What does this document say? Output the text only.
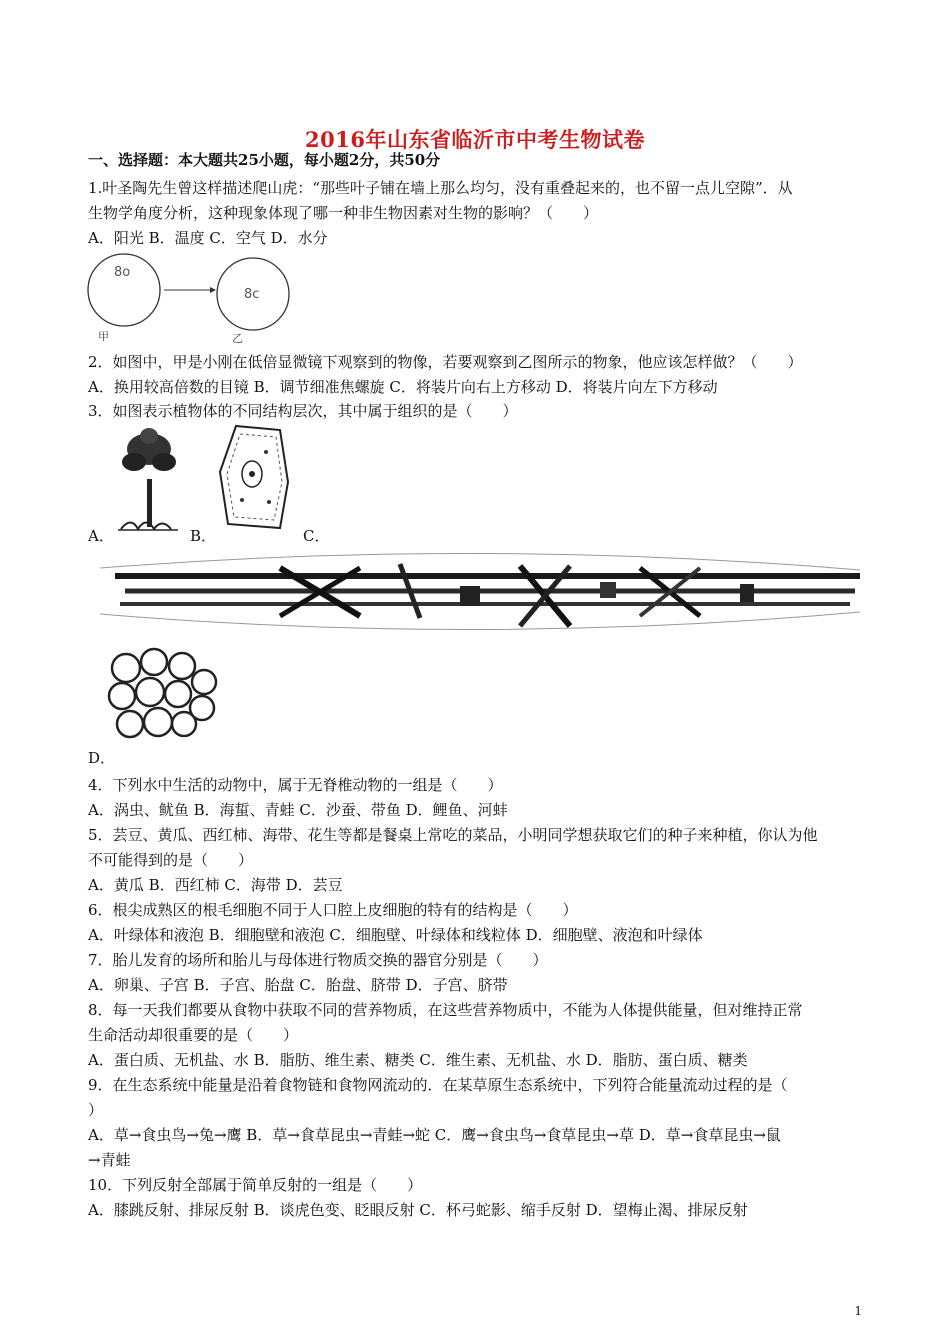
2016年山东省临沂市中考生物试卷
一、选择题：本大题共25小题，每小题2分，共50分
1.叶圣陶先生曾这样描述爬山虎：“那些叶子铺在墙上那么均匀，没有重叠起来的，也不留一点儿空隙”．从
生物学角度分析，这种现象体现了哪一种非生物因素对生物的影响？（　　）
A．阳光 B．温度 C．空气 D．水分
8o
8c
甲	乙
2．如图中，甲是小刚在低倍显微镜下观察到的物像，若要观察到乙图所示的物象，他应该怎样做？（　　）
A．换用较高倍数的目镜 B．调节细准焦螺旋 C．将装片向右上方移动 D．将装片向左下方移动
3．如图表示植物体的不同结构层次，其中属于组织的是（　　）
A．	B．	C．
D．
4．下列水中生活的动物中，属于无脊椎动物的一组是（　　）
A．涡虫、鱿鱼 B．海蜇、青蛙 C．沙蚕、带鱼 D．鲤鱼、河蚌
5．芸豆、黄瓜、西红柿、海带、花生等都是餐桌上常吃的菜品，小明同学想获取它们的种子来种植，你认为他
不可能得到的是（　　）
A．黄瓜 B．西红柿 C．海带 D．芸豆
6．根尖成熟区的根毛细胞不同于人口腔上皮细胞的特有的结构是（　　）
A．叶绿体和液泡 B．细胞壁和液泡 C．细胞壁、叶绿体和线粒体 D．细胞壁、液泡和叶绿体
7．胎儿发育的场所和胎儿与母体进行物质交换的器官分别是（　　）
A．卵巢、子宫 B．子宫、胎盘 C．胎盘、脐带 D．子宫、脐带
8．每一天我们都要从食物中获取不同的营养物质，在这些营养物质中，不能为人体提供能量，但对维持正常
生命活动却很重要的是（　　）
A．蛋白质、无机盐、水 B．脂肪、维生素、糖类 C．维生素、无机盐、水 D．脂肪、蛋白质、糖类
9．在生态系统中能量是沿着食物链和食物网流动的．在某草原生态系统中，下列符合能量流动过程的是（
）
A．草→食虫鸟→兔→鹰 B．草→食草昆虫→青蛙→蛇 C．鹰→食虫鸟→食草昆虫→草 D．草→食草昆虫→鼠
→青蛙
10．下列反射全部属于简单反射的一组是（　　）
A．膝跳反射、排尿反射 B．谈虎色变、眨眼反射 C．杯弓蛇影、缩手反射 D．望梅止渴、排尿反射
1
